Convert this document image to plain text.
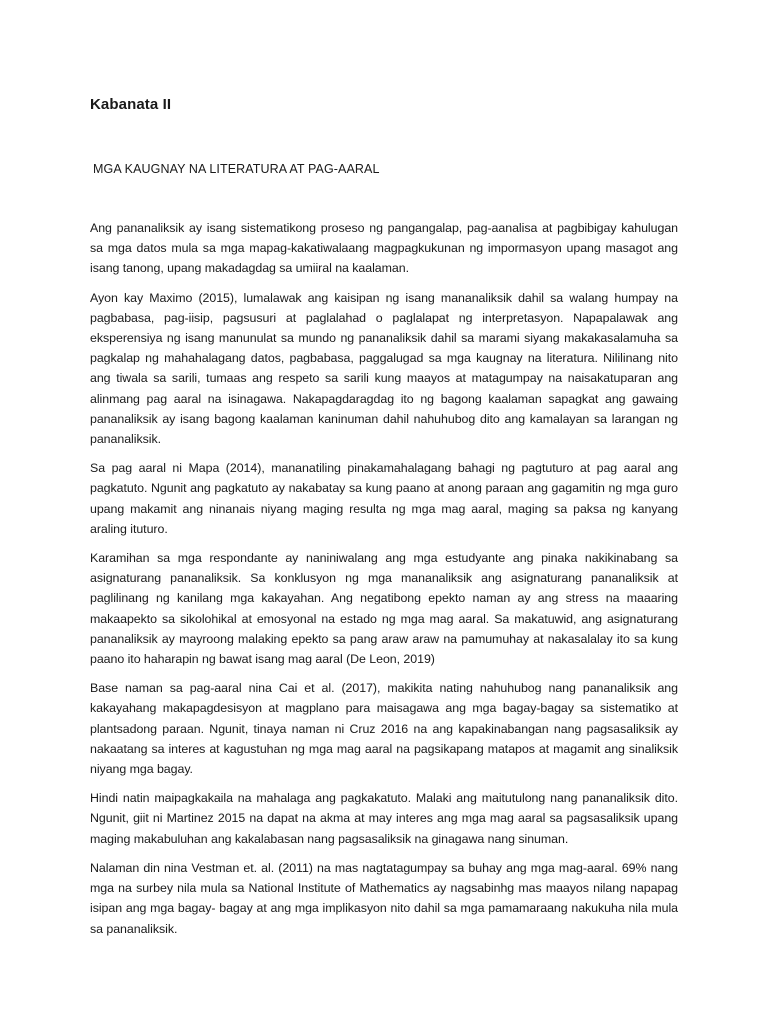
Kabanata II
MGA KAUGNAY NA LITERATURA AT PAG-AARAL

Ang pananaliksik ay isang sistematikong proseso ng pangangalap, pag-aanalisa at pagbibigay kahulugan sa mga datos mula sa mga mapag-kakatiwalaang magpagkukunan ng impormasyon upang masagot ang isang tanong, upang makadagdag sa umiiral na kaalaman.

Ayon kay Maximo (2015), lumalawak ang kaisipan ng isang mananaliksik dahil sa walang humpay na pagbabasa, pag-iisip, pagsusuri at paglalahad o paglalapat ng interpretasyon. Napapalawak ang eksperensiya ng isang manunulat sa mundo ng pananaliksik dahil sa marami siyang makakasalamuha sa pagkalap ng mahahalagang datos, pagbabasa, paggalugad sa mga kaugnay na literatura. Nililinang nito ang tiwala sa sarili, tumaas ang respeto sa sarili kung maayos at matagumpay na naisakatuparan ang alinmang pag aaral na isinagawa. Nakapagdaragdag ito ng bagong kaalaman sapagkat ang gawaing pananaliksik ay isang bagong kaalaman kaninuman dahil nahuhubog dito ang kamalayan sa larangan ng pananaliksik.

Sa pag aaral ni Mapa (2014), mananatiling pinakamahalagang bahagi ng pagtuturo at pag aaral ang pagkatuto. Ngunit ang pagkatuto ay nakabatay sa kung paano at anong paraan ang gagamitin ng mga guro upang makamit ang ninanais niyang maging resulta ng mga mag aaral, maging sa paksa ng kanyang araling ituturo.

Karamihan sa mga respondante ay naniniwalang ang mga estudyante ang pinaka nakikinabang sa asignaturang pananaliksik. Sa konklusyon ng mga mananaliksik ang asignaturang pananaliksik at paglilinang ng kanilang mga kakayahan. Ang negatibong epekto naman ay ang stress na maaaring makaapekto sa sikolohikal at emosyonal na estado ng mga mag aaral. Sa makatuwid, ang asignaturang pananaliksik ay mayroong malaking epekto sa pang araw araw na pamumuhay at nakasalalay ito sa kung paano ito haharapin ng bawat isang mag aaral (De Leon, 2019)

Base naman sa pag-aaral nina Cai et al. (2017), makikita nating nahuhubog nang pananaliksik ang kakayahang makapagdesisyon at magplano para maisagawa ang mga bagay-bagay sa sistematiko at plantsadong paraan. Ngunit, tinaya naman ni Cruz 2016 na ang kapakinabangan nang pagsasaliksik ay nakaatang sa interes at kagustuhan ng mga mag aaral na pagsikapang matapos at magamit ang sinaliksik niyang mga bagay.

Hindi natin maipagkakaila na mahalaga ang pagkakatuto. Malaki ang maitutulong nang pananaliksik dito. Ngunit, giit ni Martinez 2015 na dapat na akma at may interes ang mga mag aaral sa pagsasaliksik upang maging makabuluhan ang kakalabasan nang pagsasaliksik na ginagawa nang sinuman.

Nalaman din nina Vestman et. al. (2011) na mas nagtatagumpay sa buhay ang mga mag-aaral. 69% nang mga na surbey nila mula sa National Institute of Mathematics ay nagsabinhg mas maayos nilang napapag isipan ang mga bagay- bagay at ang mga implikasyon nito dahil sa mga pamamaraang nakukuha nila mula sa pananaliksik.
